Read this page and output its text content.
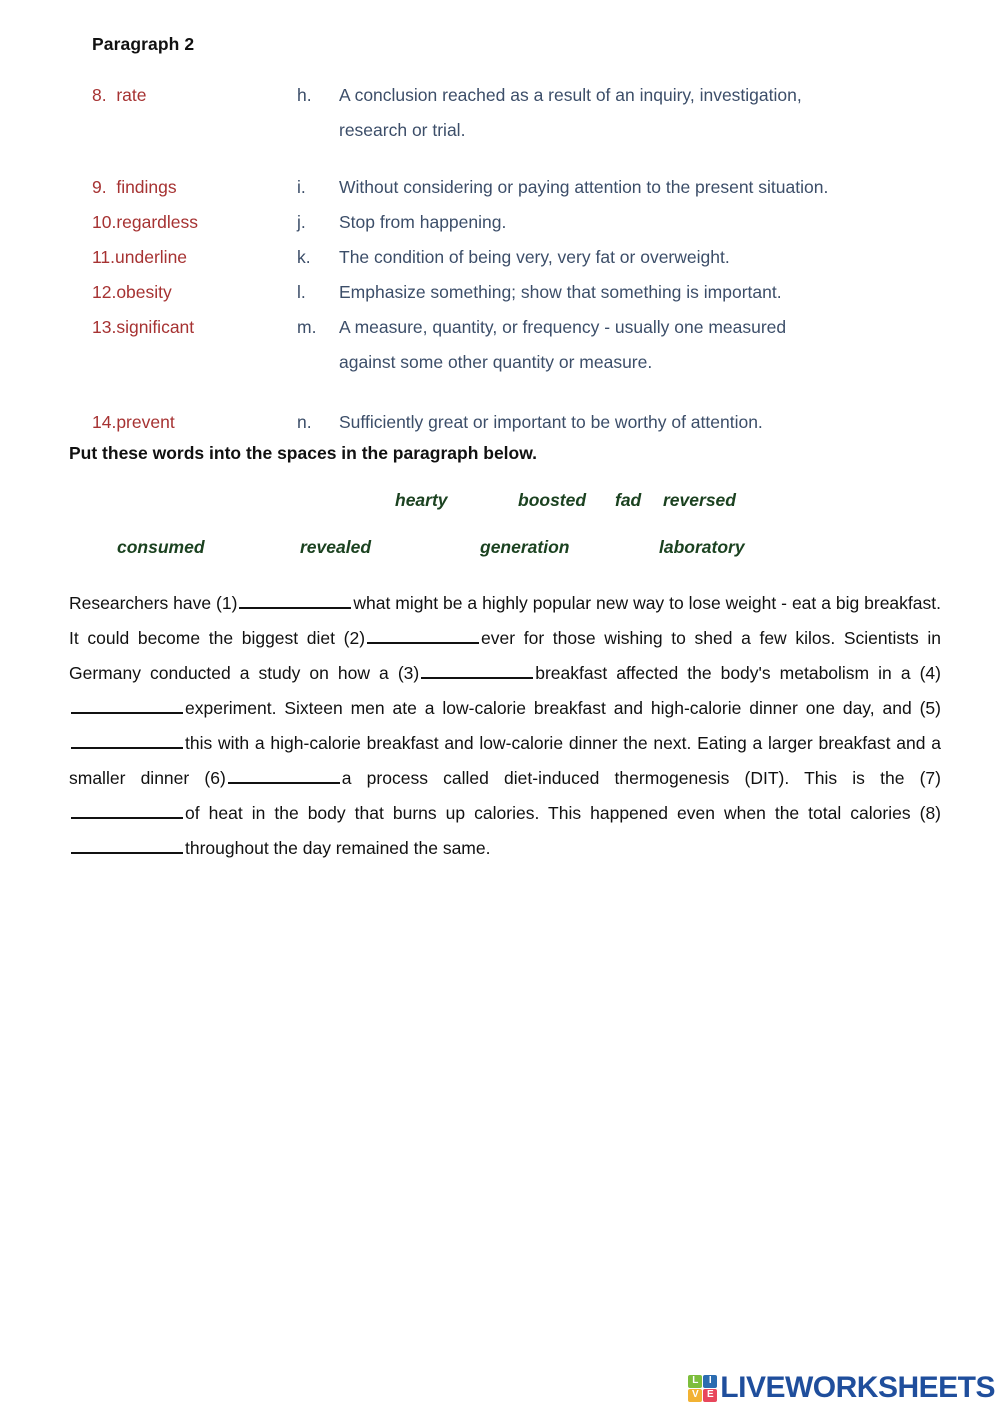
Paragraph 2
8.  rate	h.	A conclusion reached as a result of an inquiry, investigation,
research or trial.
9.  findings	i.	Without considering or paying attention to the present situation.
10.regardless	j.	Stop from happening.
11.underline	k.	The condition of being very, very fat or overweight.
12.obesity	l.	Emphasize something; show that something is important.
13.significant	m.	A measure, quantity, or frequency - usually one measured
against some other quantity or measure.
14.prevent	n.	Sufficiently great or important to be worthy of attention.
Put these words into the spaces in the paragraph below.
hearty	boosted	fad	reversed
consumed	revealed	generation	laboratory
Researchers have (1)	what might be a highly popular new way to lose weight - eat a big breakfast. It could become the biggest diet (2)	ever for those wishing to shed a few kilos. Scientists in Germany conducted a study on how a (3)	breakfast affected the body's metabolism in a (4)experiment. Sixteen men ate a low-calorie breakfast and high-calorie dinner one day, and (5)this with a high-calorie breakfast and low-calorie dinner the next. Eating a larger breakfast and a smaller dinner (6)	a process called diet-induced thermogenesis (DIT). This is the (7)of heat in the body that burns up calories. This happened even when the total calories (8)throughout the day remained the same.
L	I
V E LIVEWORKSHEETS
